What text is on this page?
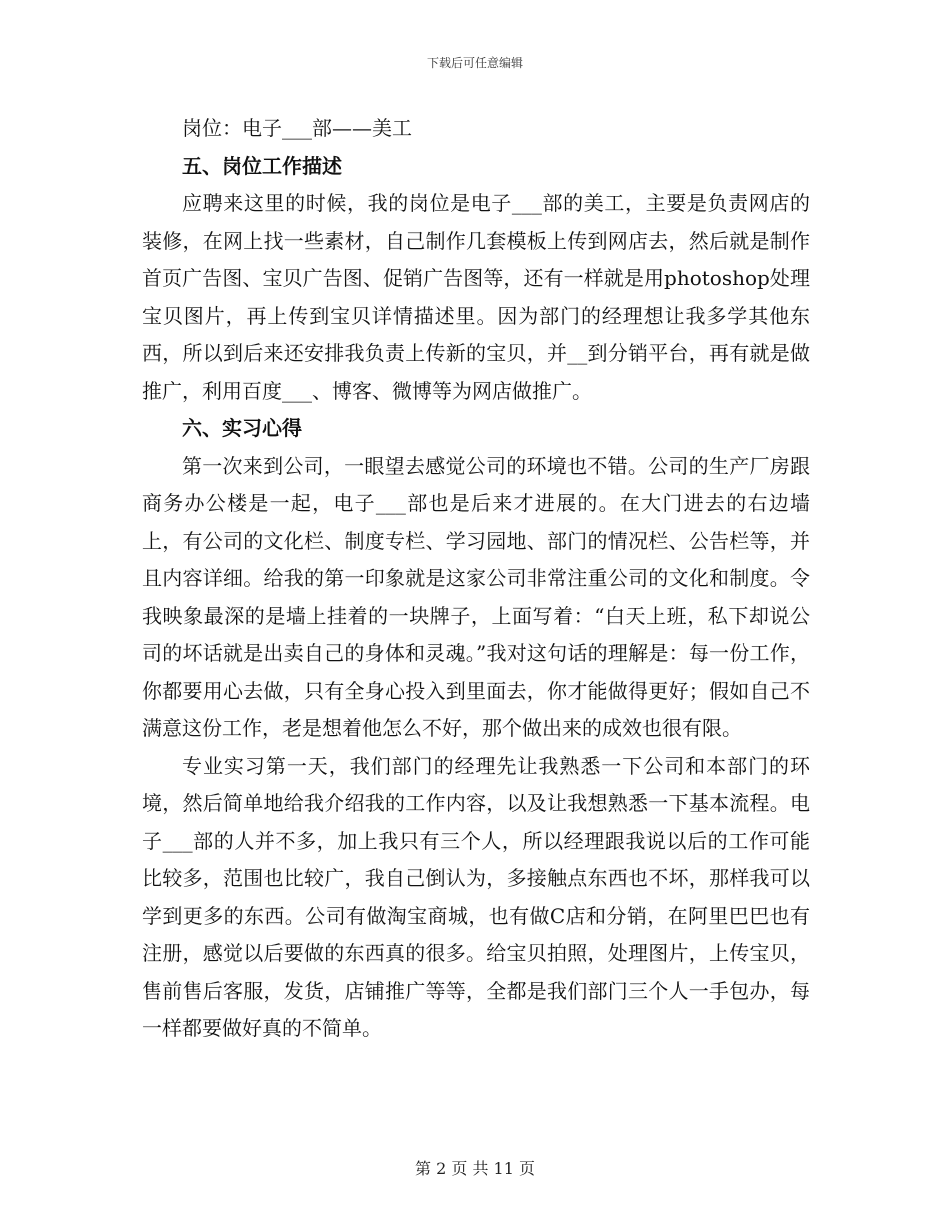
下载后可任意编辑

岗位：电子___部——美工

五、岗位工作描述

应聘来这里的时候，我的岗位是电子___部的美工，主要是负责网店的装修，在网上找一些素材，自己制作几套模板上传到网店去，然后就是制作首页广告图、宝贝广告图、促销广告图等，还有一样就是用photoshop处理宝贝图片，再上传到宝贝详情描述里。因为部门的经理想让我多学其他东西，所以到后来还安排我负责上传新的宝贝，并__到分销平台，再有就是做推广，利用百度___、博客、微博等为网店做推广。

六、实习心得

第一次来到公司，一眼望去感觉公司的环境也不错。公司的生产厂房跟商务办公楼是一起，电子___部也是后来才进展的。在大门进去的右边墙上，有公司的文化栏、制度专栏、学习园地、部门的情况栏、公告栏等，并且内容详细。给我的第一印象就是这家公司非常注重公司的文化和制度。令我映象最深的是墙上挂着的一块牌子，上面写着：“白天上班，私下却说公司的坏话就是出卖自己的身体和灵魂。”我对这句话的理解是：每一份工作，你都要用心去做，只有全身心投入到里面去，你才能做得更好；假如自己不满意这份工作，老是想着他怎么不好，那个做出来的成效也很有限。

专业实习第一天，我们部门的经理先让我熟悉一下公司和本部门的环境，然后简单地给我介绍我的工作内容，以及让我想熟悉一下基本流程。电子___部的人并不多，加上我只有三个人，所以经理跟我说以后的工作可能比较多，范围也比较广，我自己倒认为，多接触点东西也不坏，那样我可以学到更多的东西。公司有做淘宝商城，也有做C店和分销，在阿里巴巴也有注册，感觉以后要做的东西真的很多。给宝贝拍照，处理图片，上传宝贝，售前售后客服，发货，店铺推广等等，全都是我们部门三个人一手包办，每一样都要做好真的不简单。

第 2 页 共 11 页
